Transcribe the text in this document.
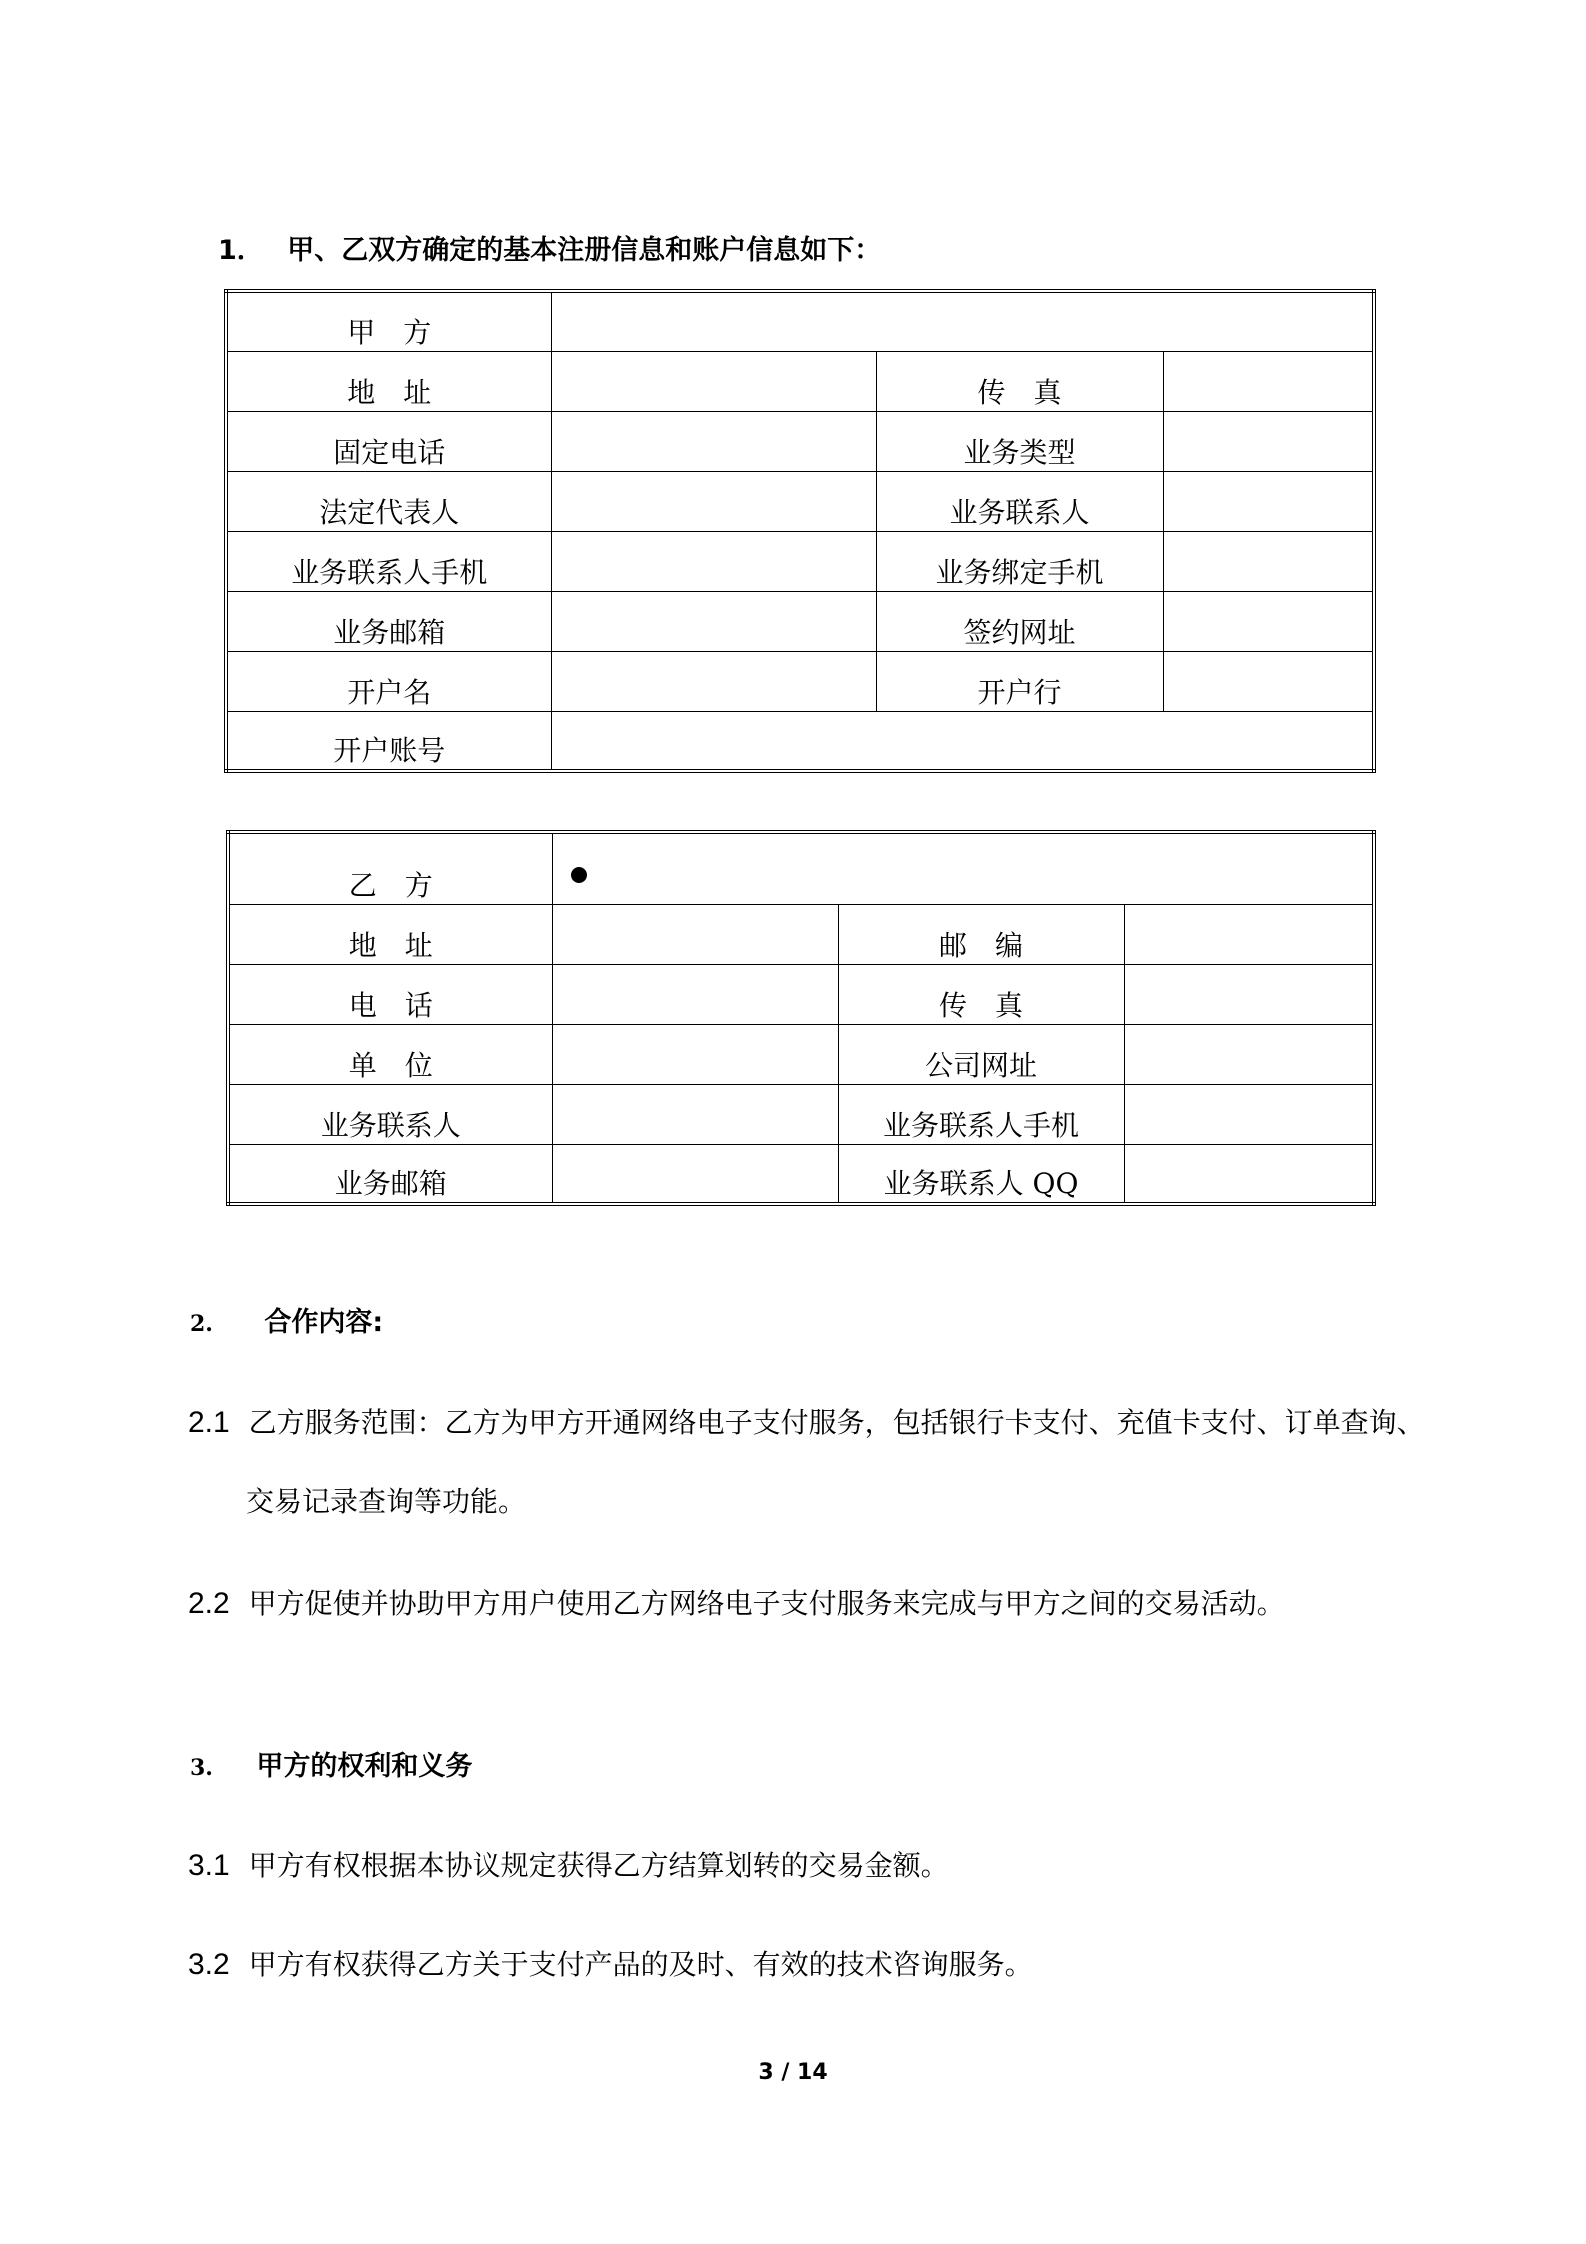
1． 甲、乙双方确定的基本注册信息和账户信息如下：
甲　方			
地　址		传　真	
固定电话		业务类型	
法定代表人		业务联系人	
业务联系人手机		业务绑定手机	
业务邮箱		签约网址	
开户名		开户行	
开户账号			
乙　方			
地　址		邮　编	
电　话		传　真	
单　位		公司网址	
业务联系人		业务联系人手机	
业务邮箱		业务联系人 QQ	
2. 合作内容:
2.1 乙方服务范围：乙方为甲方开通网络电子支付服务，包括银行卡支付、充值卡支付、订单查询、
交易记录查询等功能。
2.2 甲方促使并协助甲方用户使用乙方网络电子支付服务来完成与甲方之间的交易活动。
3. 甲方的权利和义务
3.1 甲方有权根据本协议规定获得乙方结算划转的交易金额。
3.2 甲方有权获得乙方关于支付产品的及时、有效的技术咨询服务。
3 / 14
